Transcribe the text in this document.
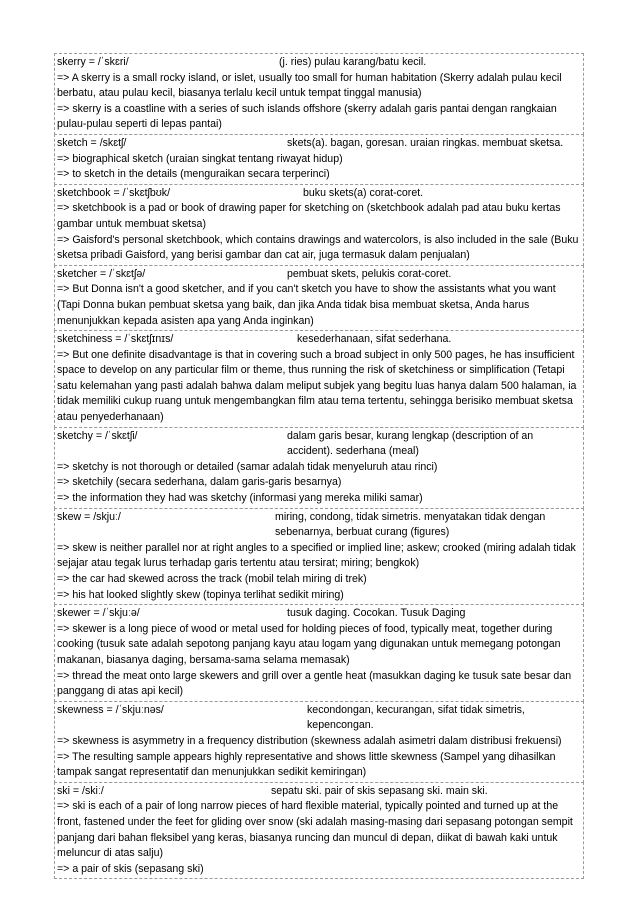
skerry = /ˈskɛri/	(j. ries) pulau karang/batu kecil.

=> A skerry is a small rocky island, or islet, usually too small for human habitation (Skerry adalah pulau kecil berbatu, atau pulau kecil, biasanya terlalu kecil untuk tempat tinggal manusia)

=> skerry is a coastline with a series of such islands offshore (skerry adalah garis pantai dengan rangkaian pulau-pulau seperti di lepas pantai)

sketch = /skɛtʃ/	skets(a). bagan, goresan. uraian ringkas. membuat sketsa.

=> biographical sketch (uraian singkat tentang riwayat hidup)

=> to sketch in the details (menguraikan secara terperinci)

sketchbook = /ˈskɛtʃbʊk/	buku skets(a) corat-coret.

=> sketchbook is a pad or book of drawing paper for sketching on (sketchbook adalah pad atau buku kertas gambar untuk membuat sketsa)

=> Gaisford's personal sketchbook, which contains drawings and watercolors, is also included in the sale (Buku sketsa pribadi Gaisford, yang berisi gambar dan cat air, juga termasuk dalam penjualan)

sketcher = /ˈskɛtʃə/	pembuat skets, pelukis corat-coret.

=> But Donna isn't a good sketcher, and if you can't sketch you have to show the assistants what you want (Tapi Donna bukan pembuat sketsa yang baik, dan jika Anda tidak bisa membuat sketsa, Anda harus menunjukkan kepada asisten apa yang Anda inginkan)

sketchiness = /ˈskɛtʃɪnɪs/	kesederhanaan, sifat sederhana.

=> But one definite disadvantage is that in covering such a broad subject in only 500 pages, he has insufficient space to develop on any particular film or theme, thus running the risk of sketchiness or simplification (Tetapi satu kelemahan yang pasti adalah bahwa dalam meliput subjek yang begitu luas hanya dalam 500 halaman, ia tidak memiliki cukup ruang untuk mengembangkan film atau tema tertentu, sehingga berisiko membuat sketsa atau penyederhanaan)

sketchy = /ˈskɛtʃi/	dalam garis besar, kurang lengkap (description of an accident). sederhana (meal)

=> sketchy is not thorough or detailed (samar adalah tidak menyeluruh atau rinci)

=> sketchily (secara sederhana, dalam garis-garis besarnya)

=> the information they had was sketchy (informasi yang mereka miliki samar)

skew = /skjuː/	miring, condong, tidak simetris. menyatakan tidak dengan sebenarnya, berbuat curang (figures)

=> skew is neither parallel nor at right angles to a specified or implied line; askew; crooked (miring adalah tidak sejajar atau tegak lurus terhadap garis tertentu atau tersirat; miring; bengkok)

=> the car had skewed across the track (mobil telah miring di trek)

=> his hat looked slightly skew (topinya terlihat sedikit miring)

skewer = /ˈskjuːə/	tusuk daging. Cocokan. Tusuk Daging

=> skewer is a long piece of wood or metal used for holding pieces of food, typically meat, together during cooking (tusuk sate adalah sepotong panjang kayu atau logam yang digunakan untuk memegang potongan makanan, biasanya daging, bersama-sama selama memasak)

=> thread the meat onto large skewers and grill over a gentle heat (masukkan daging ke tusuk sate besar dan panggang di atas api kecil)

skewness = /ˈskjuːnəs/	kecondongan, kecurangan, sifat tidak simetris, kepencongan.

=> skewness is asymmetry in a frequency distribution (skewness adalah asimetri dalam distribusi frekuensi)

=> The resulting sample appears highly representative and shows little skewness (Sampel yang dihasilkan tampak sangat representatif dan menunjukkan sedikit kemiringan)

ski = /skiː/	sepatu ski. pair of skis sepasang ski. main ski.

=> ski is each of a pair of long narrow pieces of hard flexible material, typically pointed and turned up at the front, fastened under the feet for gliding over snow (ski adalah masing-masing dari sepasang potongan sempit panjang dari bahan fleksibel yang keras, biasanya runcing dan muncul di depan, diikat di bawah kaki untuk meluncur di atas salju)

=> a pair of skis (sepasang ski)
